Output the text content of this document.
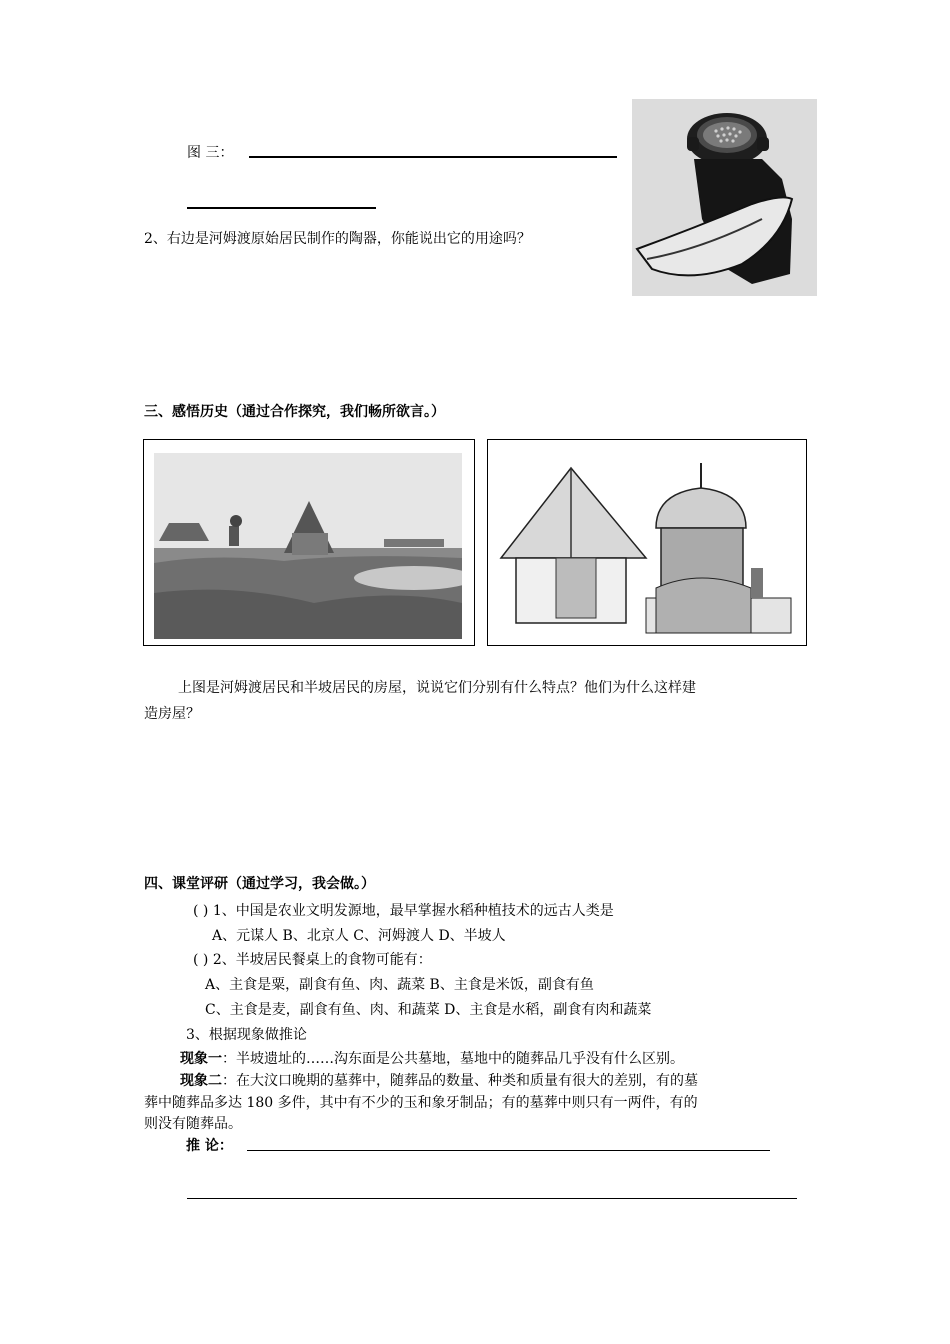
图 三：
2、右边是河姆渡原始居民制作的陶器，你能说出它的用途吗？
三、感悟历史（通过合作探究，我们畅所欲言。）
上图是河姆渡居民和半坡居民的房屋，说说它们分别有什么特点？他们为什么这样建
造房屋？
四、课堂评研（通过学习，我会做。）
( ) 1、中国是农业文明发源地，最早掌握水稻种植技术的远古人类是
A、元谋人 B、北京人 C、河姆渡人 D、半坡人
( ) 2、半坡居民餐桌上的食物可能有：
A、主食是粟，副食有鱼、肉、蔬菜 B、主食是米饭，副食有鱼
C、主食是麦，副食有鱼、肉、和蔬菜 D、主食是水稻，副食有肉和蔬菜
3、根据现象做推论
现象一：半坡遗址的……沟东面是公共墓地，墓地中的随葬品几乎没有什么区别。
现象二：在大汶口晚期的墓葬中，随葬品的数量、种类和质量有很大的差别，有的墓
葬中随葬品多达 180 多件，其中有不少的玉和象牙制品；有的墓葬中则只有一两件，有的
则没有随葬品。
推 论：
